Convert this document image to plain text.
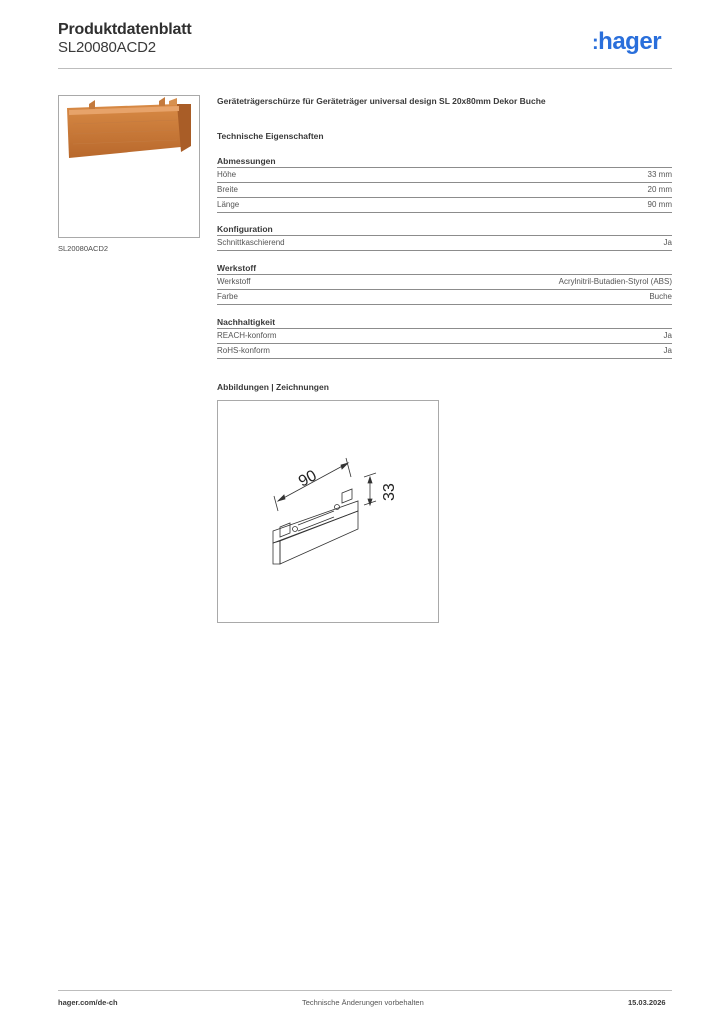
Produktdatenblatt
SL20080ACD2	:hager
SL20080ACD2
Geräteträgerschürze für Geräteträger universal design SL 20x80mm Dekor Buche
Technische Eigenschaften
Abmessungen
Höhe	33 mm
Breite	20 mm
Länge	90 mm
Konfiguration
Schnittkaschierend	Ja
Werkstoff
Werkstoff	Acrylnitril-Butadien-Styrol (ABS)
Farbe	Buche
Nachhaltigkeit
REACH-konform	Ja
RoHS-konform	Ja
Abbildungen | Zeichnungen
90
33
hager.com/de-ch	Technische Änderungen vorbehalten	15.03.2026
